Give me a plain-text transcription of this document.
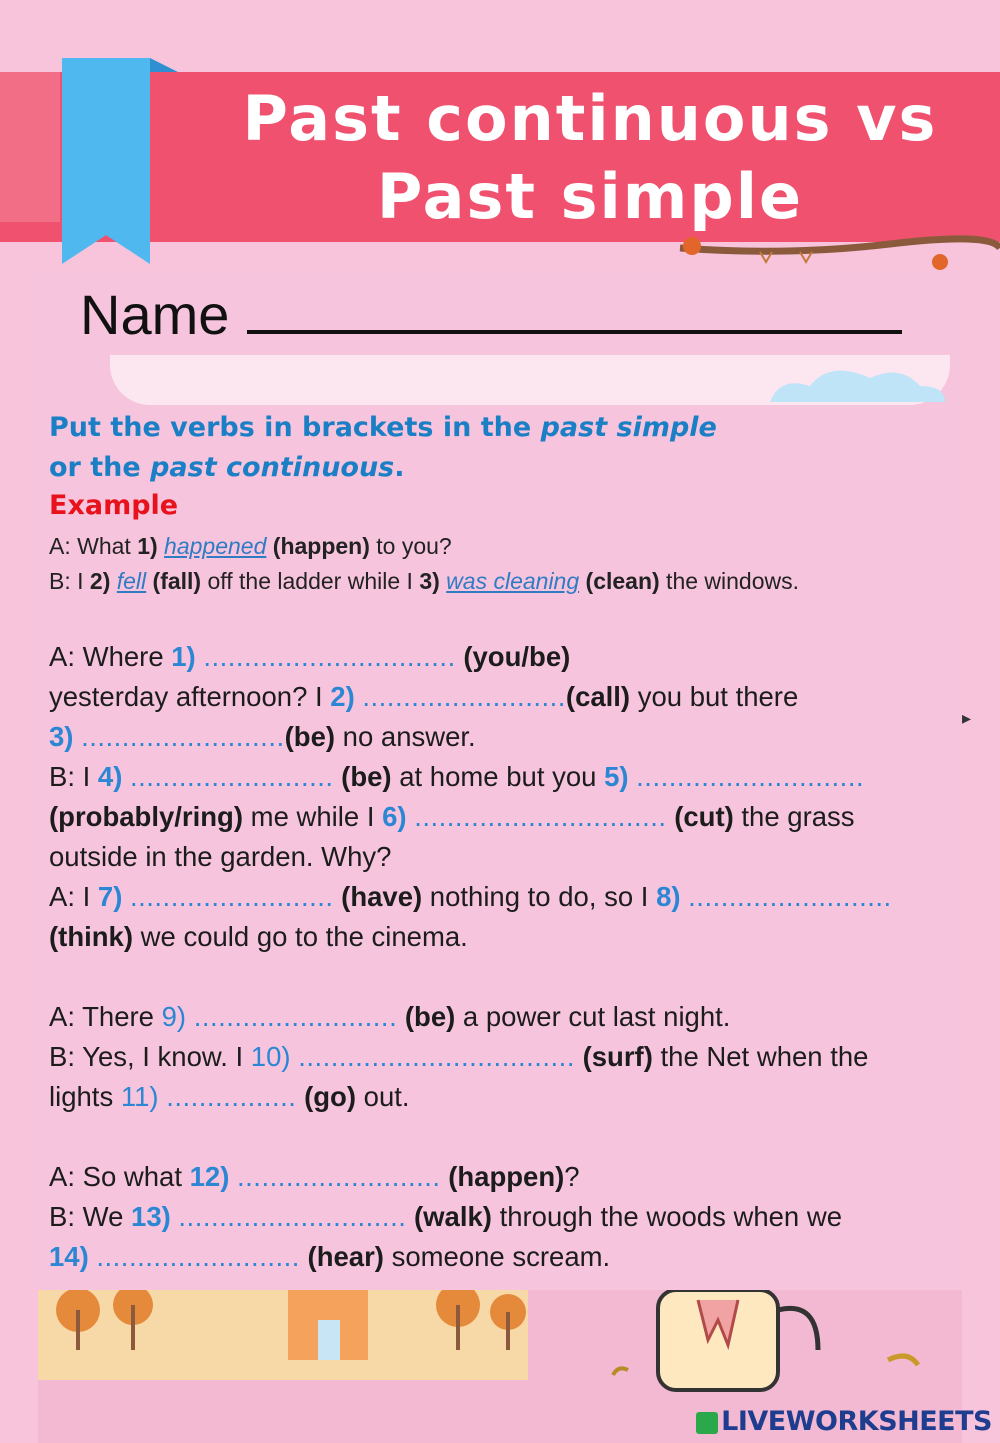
Past continuous vs
Past simple
Name

Put the verbs in brackets in the past simple
or the past continuous.

Example
A: What 1) happened (happen) to you?
B: I 2) fell (fall) off the ladder while I 3) was cleaning (clean) the windows.

A: Where 1) ............................... (you/be)
yesterday afternoon? I 2) .........................(call) you but there
3) .........................(be) no answer.
B: I 4) ......................... (be) at home but you 5) ............................
(probably/ring) me while I 6) ............................... (cut) the grass
outside in the garden. Why?
A: I 7) ......................... (have) nothing to do, so I 8) .........................
(think) we could go to the cinema.

A: There 9) ......................... (be) a power cut last night.
B: Yes, I know. I 10) .................................. (surf) the Net when the
lights 11) ................ (go) out.

A: So what 12) ......................... (happen)?
B: We 13) ............................ (walk) through the woods when we
14) ......................... (hear) someone scream.

▸
LIVEWORKSHEETS
